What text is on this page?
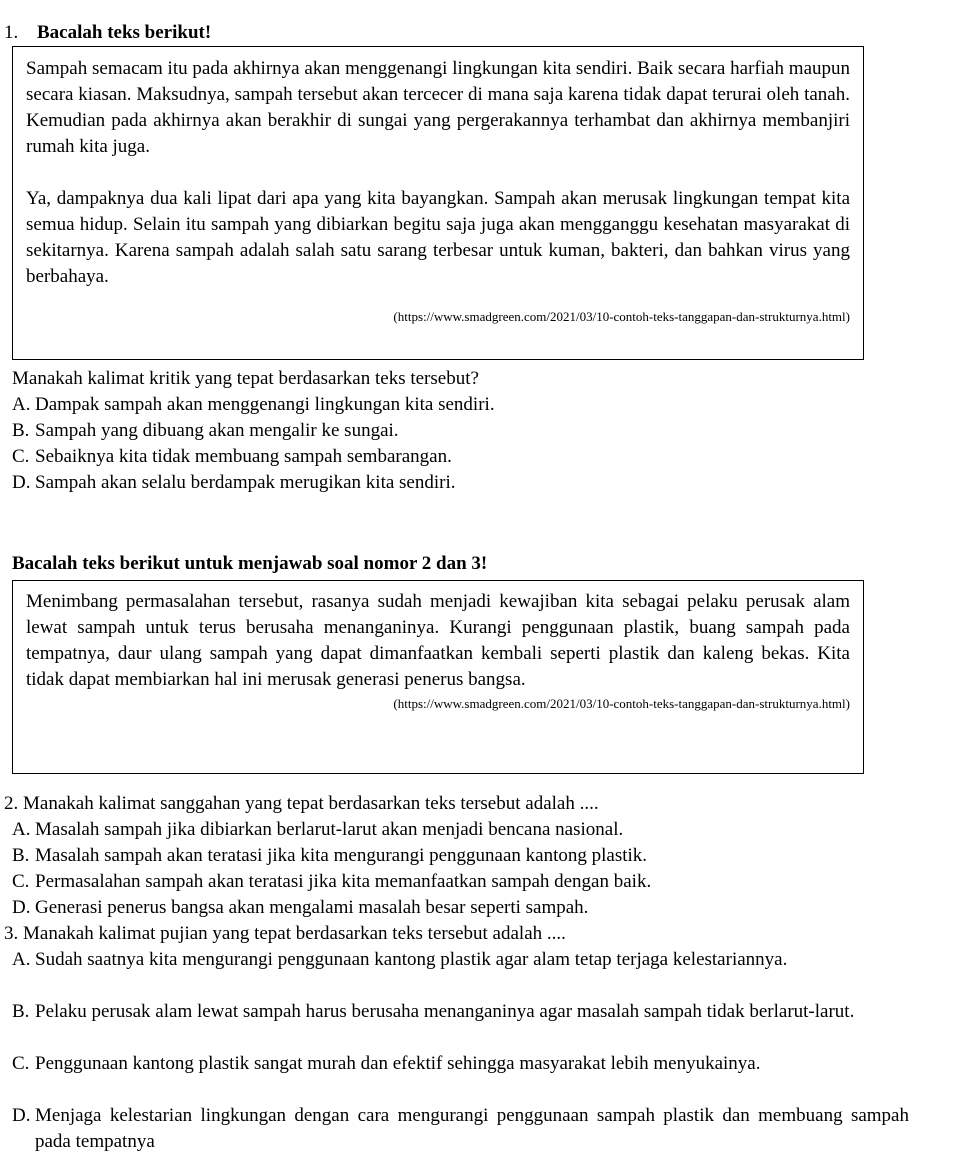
1. Bacalah teks berikut!

Sampah semacam itu pada akhirnya akan menggenangi lingkungan kita sendiri. Baik secara harfiah maupun secara kiasan. Maksudnya, sampah tersebut akan tercecer di mana saja karena tidak dapat terurai oleh tanah. Kemudian pada akhirnya akan berakhir di sungai yang pergerakannya terhambat dan akhirnya membanjiri rumah kita juga.

Ya, dampaknya dua kali lipat dari apa yang kita bayangkan. Sampah akan merusak lingkungan tempat kita semua hidup. Selain itu sampah yang dibiarkan begitu saja juga akan mengganggu kesehatan masyarakat di sekitarnya. Karena sampah adalah salah satu sarang terbesar untuk kuman, bakteri, dan bahkan virus yang berbahaya.

(https://www.smadgreen.com/2021/03/10-contoh-teks-tanggapan-dan-strukturnya.html)
Manakah kalimat kritik yang tepat berdasarkan teks tersebut?
A. Dampak sampah akan menggenangi lingkungan kita sendiri.
B. Sampah yang dibuang akan mengalir ke sungai.
C. Sebaiknya kita tidak membuang sampah sembarangan.
D. Sampah akan selalu berdampak merugikan kita sendiri.
Bacalah teks berikut untuk menjawab soal nomor 2 dan 3!

Menimbang permasalahan tersebut, rasanya sudah menjadi kewajiban kita sebagai pelaku perusak alam lewat sampah untuk terus berusaha menanganinya. Kurangi penggunaan plastik, buang sampah pada tempatnya, daur ulang sampah yang dapat dimanfaatkan kembali seperti plastik dan kaleng bekas. Kita tidak dapat membiarkan hal ini merusak generasi penerus bangsa.

(https://www.smadgreen.com/2021/03/10-contoh-teks-tanggapan-dan-strukturnya.html)
2. Manakah kalimat sanggahan yang tepat berdasarkan teks tersebut adalah ....
A. Masalah sampah jika dibiarkan berlarut-larut akan menjadi bencana nasional.
B. Masalah sampah akan teratasi jika kita mengurangi penggunaan kantong plastik.
C. Permasalahan sampah akan teratasi jika kita memanfaatkan sampah dengan baik.
D. Generasi penerus bangsa akan mengalami masalah besar seperti sampah.
3. Manakah kalimat pujian yang tepat berdasarkan teks tersebut adalah ....
A. Sudah saatnya kita mengurangi penggunaan kantong plastik agar alam tetap terjaga kelestariannya.
B. Pelaku perusak alam lewat sampah harus berusaha menanganinya agar masalah sampah tidak berlarut-larut.
C. Penggunaan kantong plastik sangat murah dan efektif sehingga masyarakat lebih menyukainya.
D. Menjaga kelestarian lingkungan dengan cara mengurangi penggunaan sampah plastik dan membuang sampah pada tempatnya
